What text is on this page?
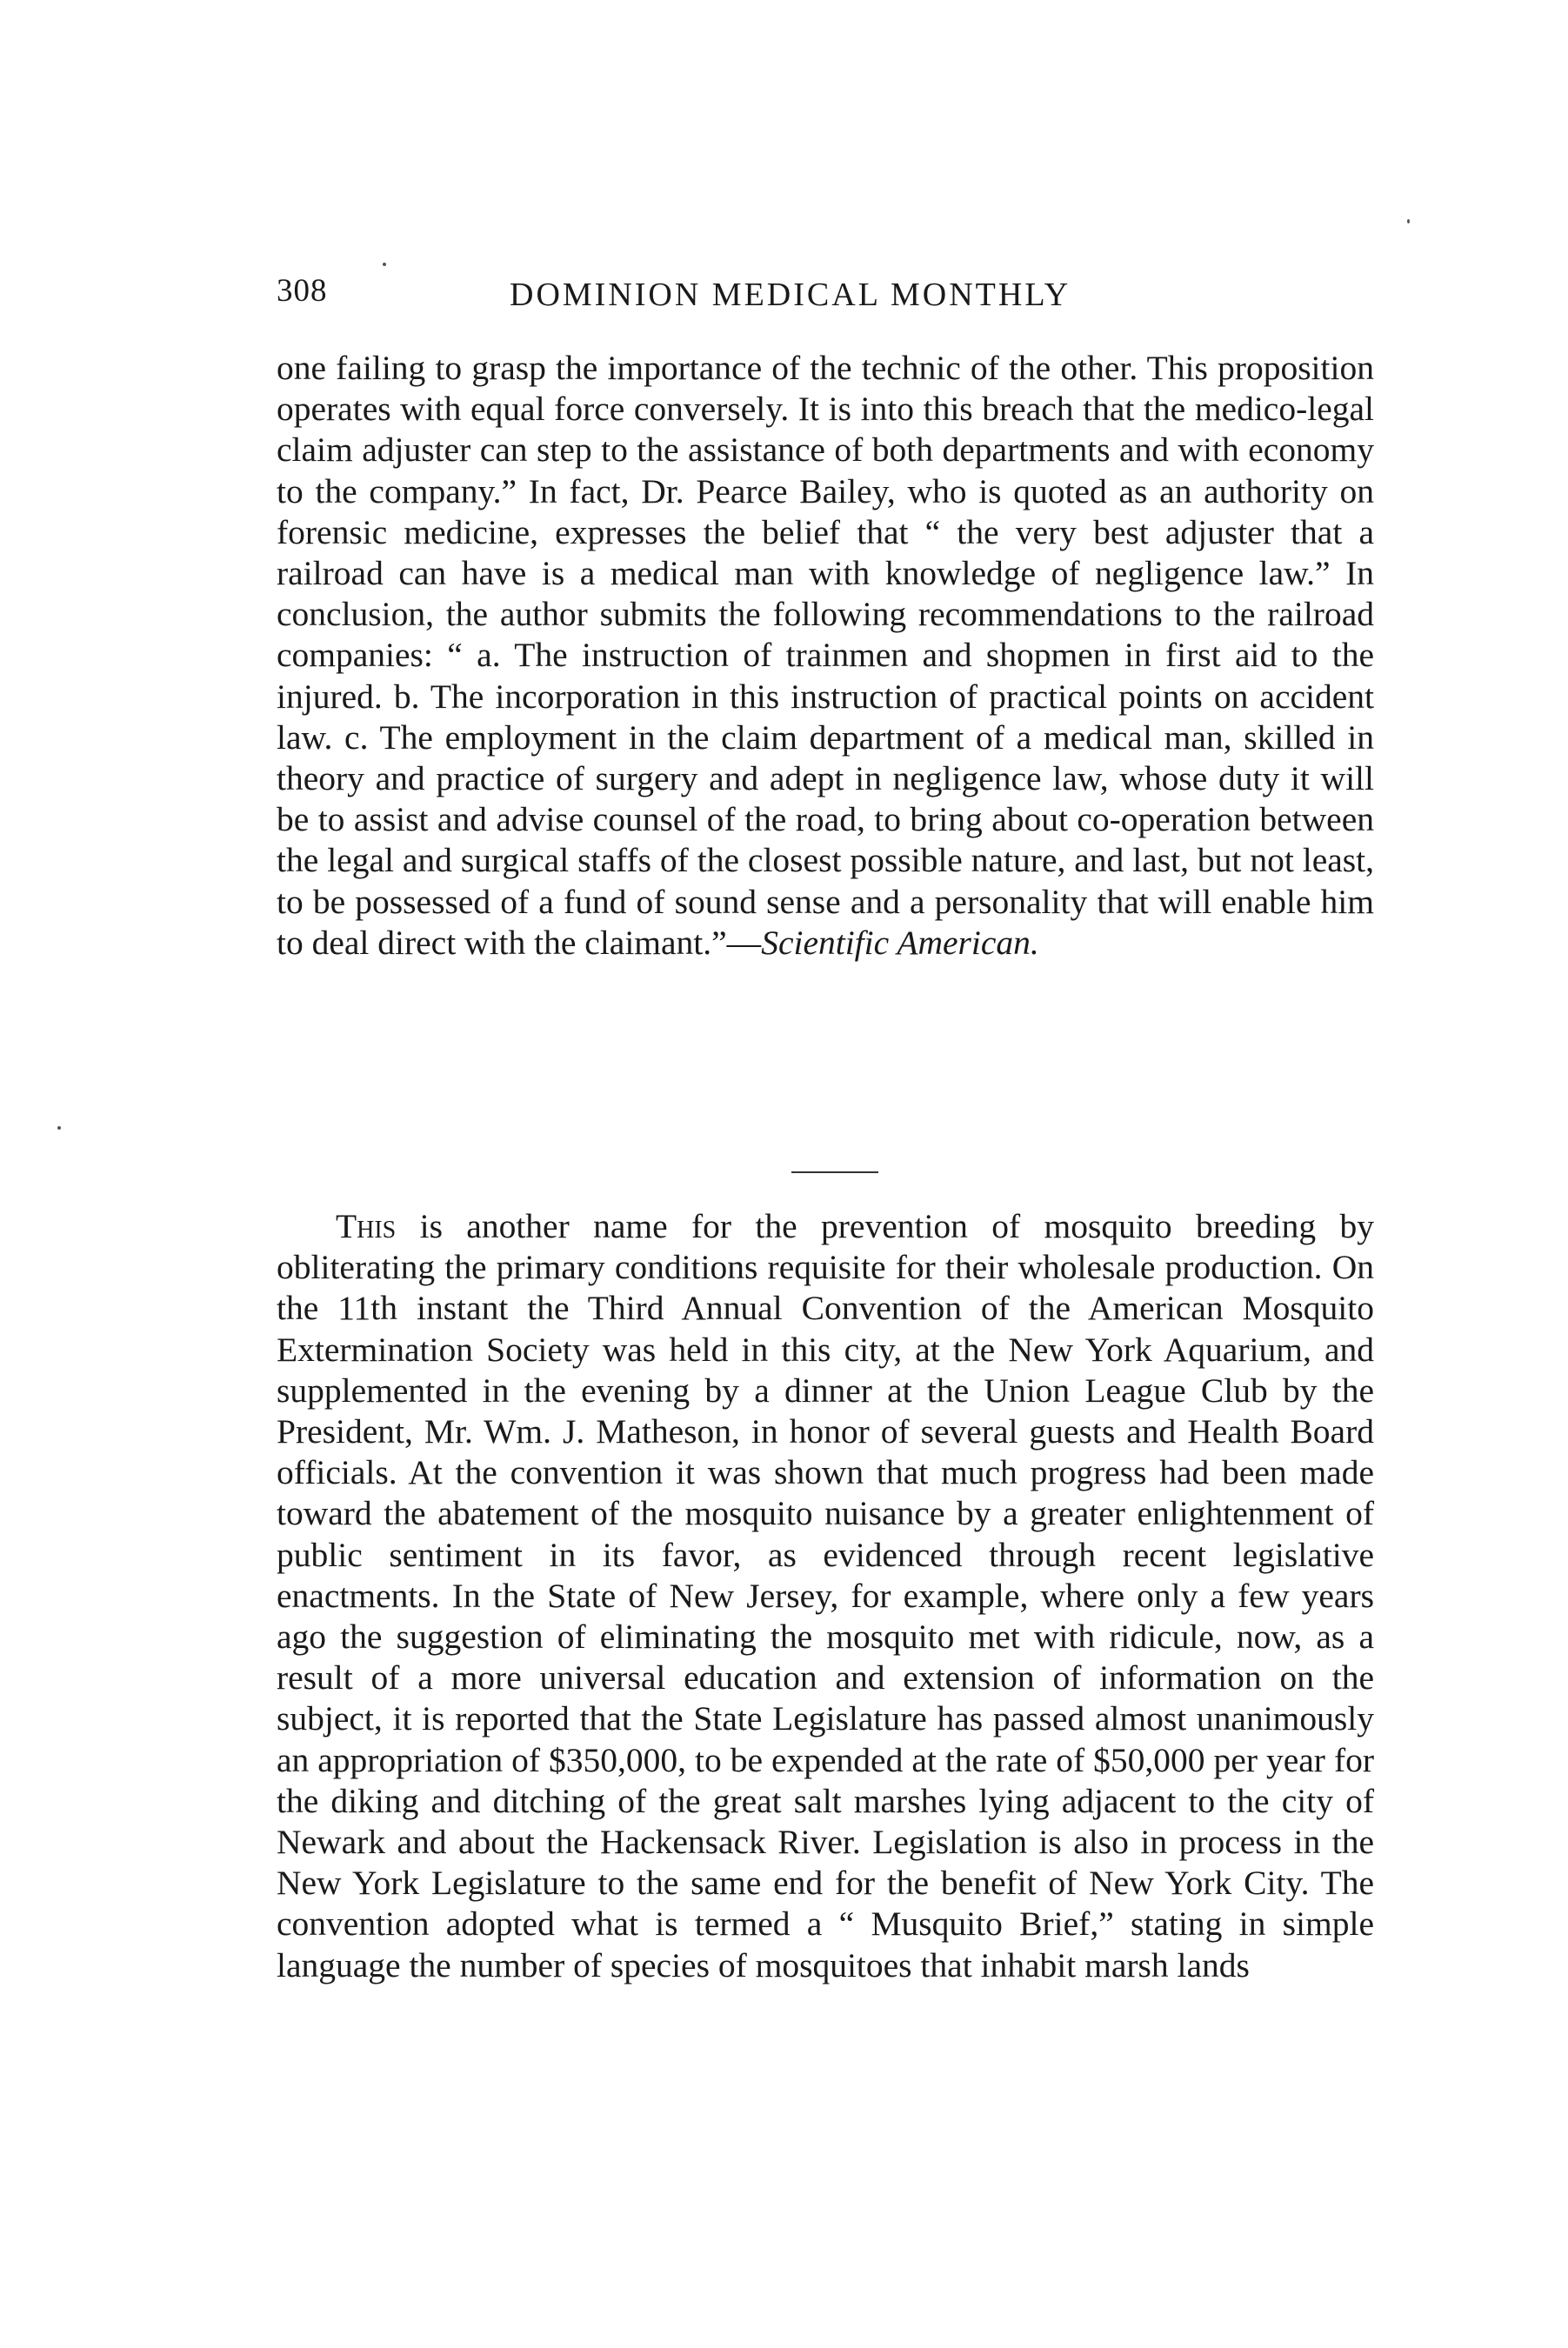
308	DOMINION MEDICAL MONTHLY

one failing to grasp the importance of the technic of the other. This proposition operates with equal force conversely. It is into this breach that the medico-legal claim adjuster can step to the assistance of both departments and with economy to the company.” In fact, Dr. Pearce Bailey, who is quoted as an authority on forensic medicine, expresses the belief that “ the very best adjuster that a railroad can have is a medical man with knowledge of negligence law.” In conclusion, the author submits the following recommendations to the railroad companies: “ a. The instruction of trainmen and shopmen in first aid to the injured. b. The incorporation in this instruction of practical points on accident law. c. The employment in the claim department of a medical man, skilled in theory and practice of surgery and adept in negligence law, whose duty it will be to assist and advise counsel of the road, to bring about co-operation between the legal and surgical staffs of the closest possible nature, and last, but not least, to be possessed of a fund of sound sense and a personality that will enable him to deal direct with the claimant.”—Scientific American.

This is another name for the prevention of mosquito breeding by obliterating the primary conditions requisite for their wholesale production. On the 11th instant the Third Annual Convention of the American Mosquito Extermination Society was held in this city, at the New York Aquarium, and supplemented in the evening by a dinner at the Union League Club by the President, Mr. Wm. J. Matheson, in honor of several guests and Health Board officials. At the convention it was shown that much progress had been made toward the abatement of the mosquito nuisance by a greater enlightenment of public sentiment in its favor, as evidenced through recent legislative enactments. In the State of New Jersey, for example, where only a few years ago the suggestion of eliminating the mosquito met with ridicule, now, as a result of a more universal education and extension of information on the subject, it is reported that the State Legislature has passed almost unanimously an appropriation of $350,000, to be expended at the rate of $50,000 per year for the diking and ditching of the great salt marshes lying adjacent to the city of Newark and about the Hackensack River. Legislation is also in process in the New York Legislature to the same end for the benefit of New York City. The convention adopted what is termed a “ Musquito Brief,” stating in simple language the number of species of mosquitoes that inhabit marsh lands
